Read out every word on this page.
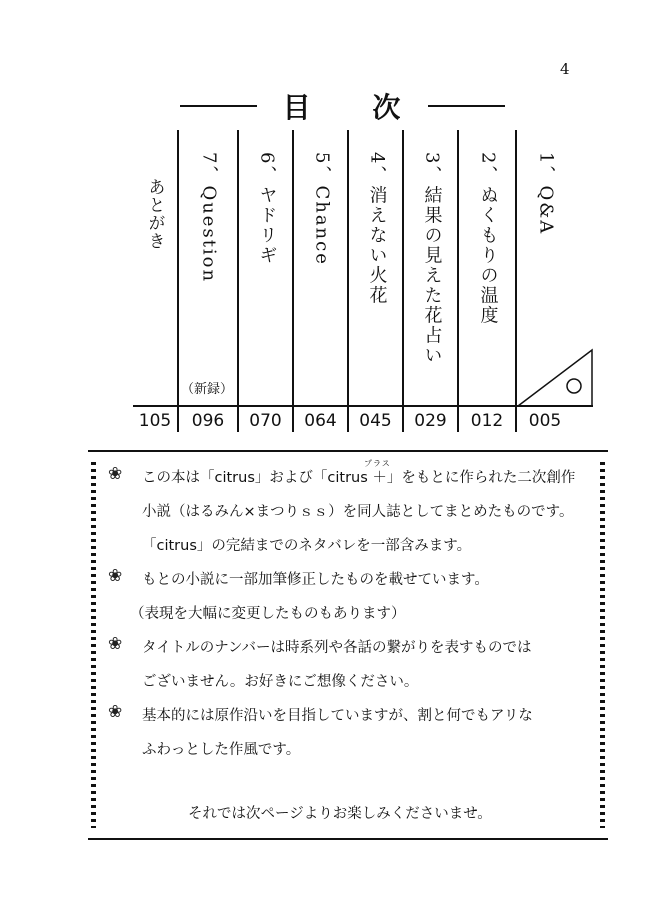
4
目 次
1、Q&A
2、ぬくもりの温度
3、結果の見えた花占い
4、消えない火花
5、Chance
6、ヤドリギ
7、Question
（新録）
あとがき
005
012
029
045
064
070
096
105
プラス
❀ この本は「citrus」および「citrus ＋」をもとに作られた二次創作
小説（はるみん×まつりｓｓ）を同人誌としてまとめたものです。
「citrus」の完結までのネタバレを一部含みます。
❀ もとの小説に一部加筆修正したものを載せています。
（表現を大幅に変更したものもあります）
❀ タイトルのナンバーは時系列や各話の繋がりを表すものでは
ございません。お好きにご想像ください。
❀ 基本的には原作沿いを目指していますが、割と何でもアリな
ふわっとした作風です。
それでは次ページよりお楽しみくださいませ。
